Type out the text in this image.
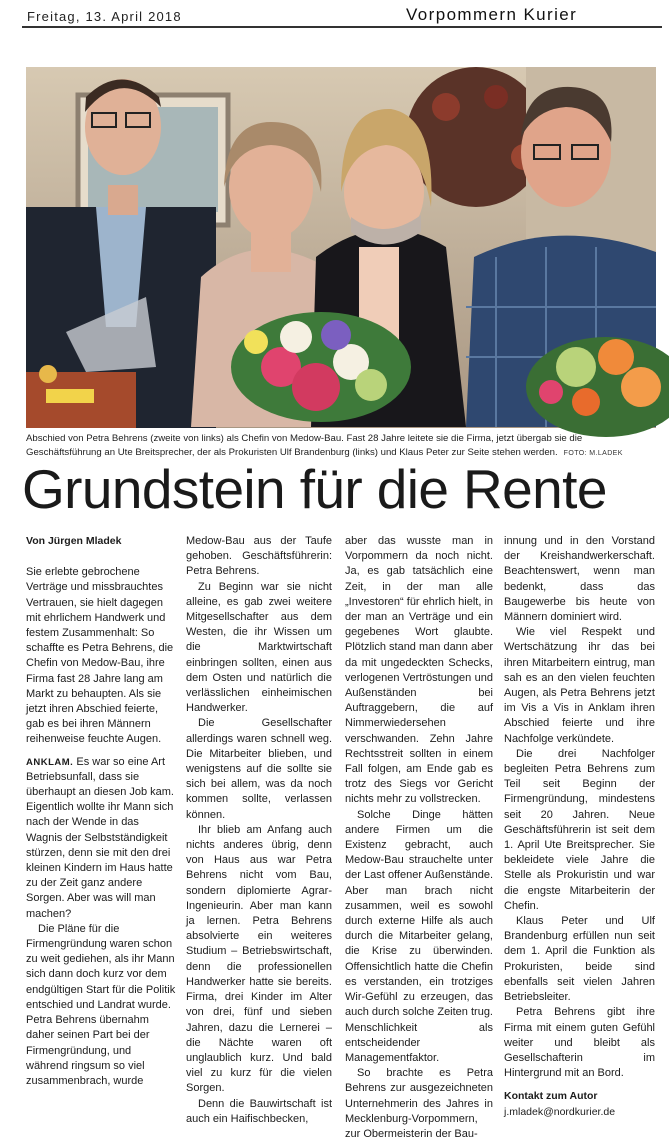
Freitag, 13. April 2018	Vorpommern Kurier
Abschied von Petra Behrens (zweite von links) als Chefin von Medow-Bau. Fast 28 Jahre leitete sie die Firma, jetzt übergab sie die Geschäftsführung an Ute Breitsprecher, der als Prokuristen Ulf Brandenburg (links) und Klaus Peter zur Seite stehen werden. FOTO: M.LADEK
Grundstein für die Rente
Von Jürgen Mladek

Sie erlebte gebrochene Verträge und missbrauchtes Vertrauen, sie hielt dagegen mit ehrlichem Handwerk und festem Zusammenhalt: So schaffte es Petra Behrens, die Chefin von Medow-Bau, ihre Firma fast 28 Jahre lang am Markt zu behaupten. Als sie jetzt ihren Abschied feierte, gab es bei ihren Männern reihenweise feuchte Augen.

ANKLAM. Es war so eine Art Betriebsunfall, dass sie überhaupt an diesen Job kam. Eigentlich wollte ihr Mann sich nach der Wende in das Wagnis der Selbstständigkeit stürzen, denn sie mit den drei kleinen Kindern im Haus hatte zu der Zeit ganz andere Sorgen. Aber was will man machen?

Die Pläne für die Firmengründung waren schon zu weit gediehen, als ihr Mann sich dann doch kurz vor dem endgültigen Start für die Politik entschied und Landrat wurde. Petra Behrens übernahm daher seinen Part bei der Firmengründung, und während ringsum so viel zusammenbrach, wurde

Medow-Bau aus der Taufe gehoben. Geschäftsführerin: Petra Behrens.

Zu Beginn war sie nicht alleine, es gab zwei weitere Mitgesellschafter aus dem Westen, die ihr Wissen um die Marktwirtschaft einbringen sollten, einen aus dem Osten und natürlich die verlässlichen einheimischen Handwerker.

Die Gesellschafter allerdings waren schnell weg. Die Mitarbeiter blieben, und wenigstens auf die sollte sie sich bei allem, was da noch kommen sollte, verlassen können.

Ihr blieb am Anfang auch nichts anderes übrig, denn von Haus aus war Petra Behrens nicht vom Bau, sondern diplomierte Agrar-Ingenieurin. Aber man kann ja lernen. Petra Behrens absolvierte ein weiteres Studium – Betriebswirtschaft, denn die professionellen Handwerker hatte sie bereits. Firma, drei Kinder im Alter von drei, fünf und sieben Jahren, dazu die Lernerei – die Nächte waren oft unglaublich kurz. Und bald viel zu kurz für die vielen Sorgen.

Denn die Bauwirtschaft ist auch ein Haifischbecken,

aber das wusste man in Vorpommern da noch nicht. Ja, es gab tatsächlich eine Zeit, in der man alle „Investoren“ für ehrlich hielt, in der man an Verträge und ein gegebenes Wort glaubte. Plötzlich stand man dann aber da mit ungedeckten Schecks, verlogenen Vertröstungen und Außenständen bei Auftraggebern, die auf Nimmerwiedersehen verschwanden. Zehn Jahre Rechtsstreit sollten in einem Fall folgen, am Ende gab es trotz des Siegs vor Gericht nichts mehr zu vollstrecken.

Solche Dinge hätten andere Firmen um die Existenz gebracht, auch Medow-Bau strauchelte unter der Last offener Außenstände. Aber man brach nicht zusammen, weil es sowohl durch externe Hilfe als auch durch die Mitarbeiter gelang, die Krise zu überwinden. Offensichtlich hatte die Chefin es verstanden, ein trotziges Wir-Gefühl zu erzeugen, das auch durch solche Zeiten trug. Menschlichkeit als entscheidender Managementfaktor.

So brachte es Petra Behrens zur ausgezeichneten Unternehmerin des Jahres in Mecklenburg-Vorpommern, zur Obermeisterin der Bau-

innung und in den Vorstand der Kreishandwerkerschaft. Beachtenswert, wenn man bedenkt, dass das Baugewerbe bis heute von Männern dominiert wird.

Wie viel Respekt und Wertschätzung ihr das bei ihren Mitarbeitern eintrug, man sah es an den vielen feuchten Augen, als Petra Behrens jetzt im Vis a Vis in Anklam ihren Abschied feierte und ihre Nachfolge verkündete.

Die drei Nachfolger begleiten Petra Behrens zum Teil seit Beginn der Firmengründung, mindestens seit 20 Jahren. Neue Geschäftsführerin ist seit dem 1. April Ute Breitsprecher. Sie bekleidete viele Jahre die Stelle als Prokuristin und war die engste Mitarbeiterin der Chefin.

Klaus Peter und Ulf Brandenburg erfüllen nun seit dem 1. April die Funktion als Prokuristen, beide sind ebenfalls seit vielen Jahren Betriebsleiter.

Petra Behrens gibt ihre Firma mit einem guten Gefühl weiter und bleibt als Gesellschafterin im Hintergrund mit an Bord.

Kontakt zum Autor
j.mladek@nordkurier.de
